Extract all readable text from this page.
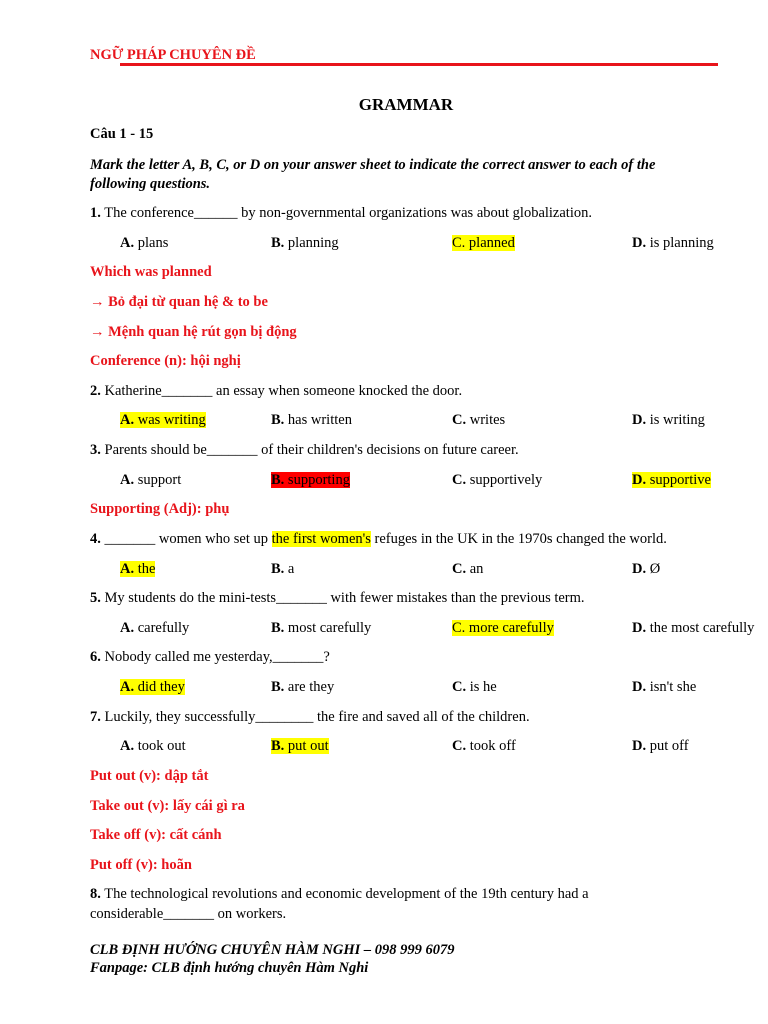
NGỮ PHÁP CHUYÊN ĐỀ
GRAMMAR
Câu 1 - 15
Mark the letter A, B, C, or D on your answer sheet to indicate the correct answer to each of the following questions.
1. The conference______ by non-governmental organizations was about globalization.
A. plans	B. planning	C. planned	D. is planning
Which was planned
→ Bỏ đại từ quan hệ & to be
→ Mệnh quan hệ rút gọn bị động
Conference (n): hội nghị
2. Katherine_______ an essay when someone knocked the door.
A. was writing	B. has written	C. writes	D. is writing
3. Parents should be_______ of their children's decisions on future career.
A. support	B. supporting	C. supportively	D. supportive
Supporting (Adj): phụ
4. _______ women who set up the first women's refuges in the UK in the 1970s changed the world.
A. the	B. a	C. an	D. Ø
5. My students do the mini-tests_______ with fewer mistakes than the previous term.
A. carefully	B. most carefully	C. more carefully	D. the most carefully
6. Nobody called me yesterday,_______?
A. did they	B. are they	C. is he	D. isn't she
7. Luckily, they successfully________ the fire and saved all of the children.
A. took out	B. put out	C. took off	D. put off
Put out (v): dập tắt
Take out (v): lấy cái gì ra
Take off (v): cất cánh
Put off (v): hoãn
8. The technological revolutions and economic development of the 19th century had a
considerable_______ on workers.
CLB ĐỊNH HƯỚNG CHUYÊN HÀM NGHI – 098 999 6079
Fanpage: CLB định hướng chuyên Hàm Nghi
